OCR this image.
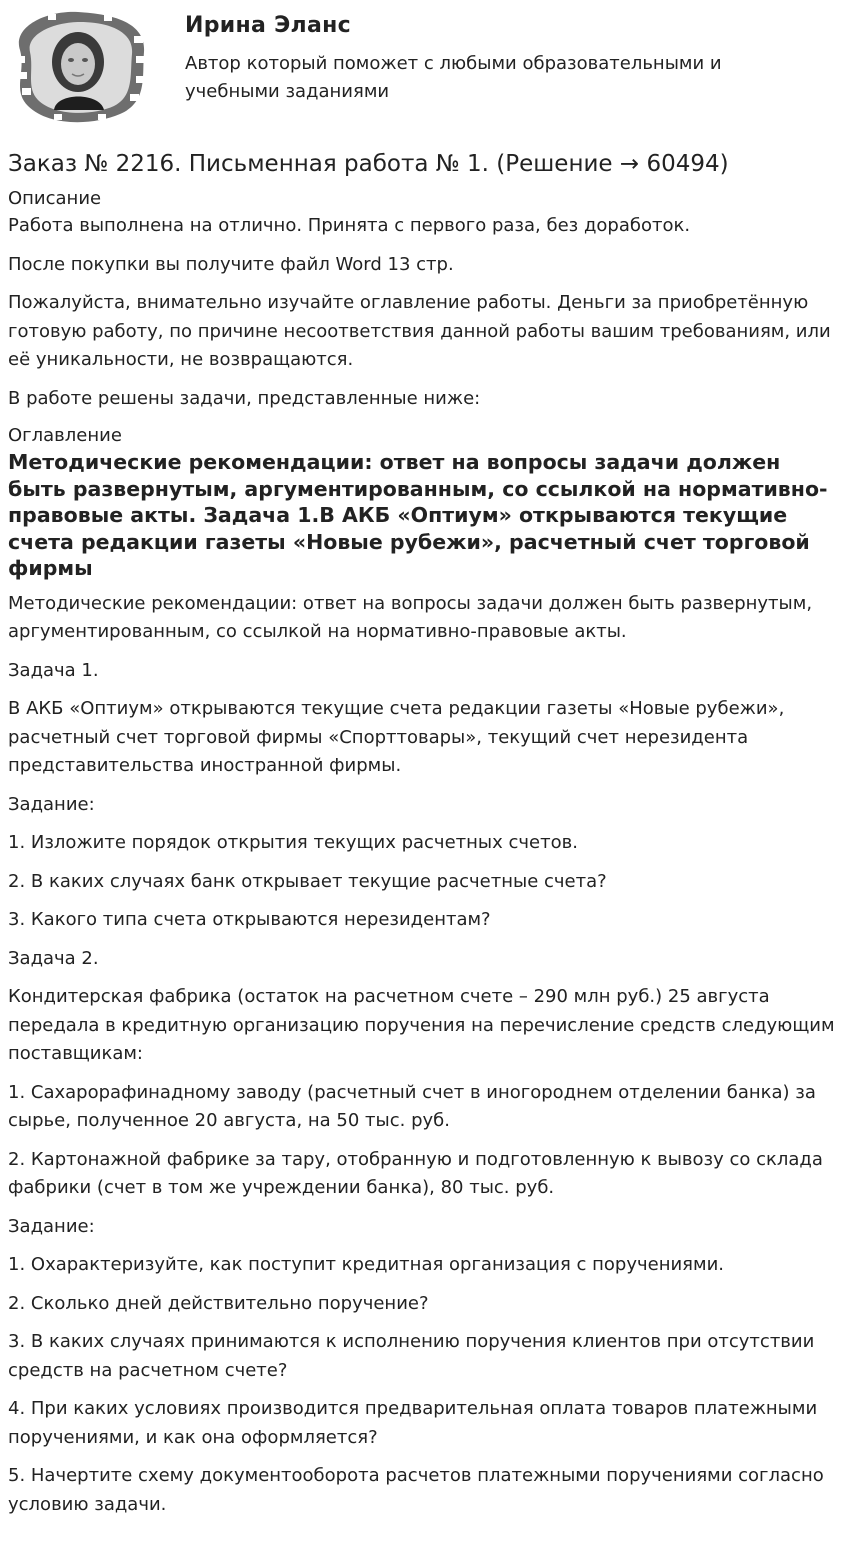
Ирина Эланс
Автор который поможет с любыми образовательными и учебными заданиями
Заказ № 2216. Письменная работа № 1. (Решение → 60494)
Описание

Работа выполнена на отлично. Принята с первого раза, без доработок.

После покупки вы получите файл Word 13 стр.

Пожалуйста, внимательно изучайте оглавление работы. Деньги за приобретённую готовую работу, по причине несоответствия данной работы вашим требованиям, или её уникальности, не возвращаются.

В работе решены задачи, представленные ниже:

Оглавление
Методические рекомендации: ответ на вопросы задачи должен быть развернутым, аргументированным, со ссылкой на нормативно-правовые акты. Задача 1.В АКБ «Оптиум» открываются текущие счета редакции газеты «Новые рубежи», расчетный счет торговой фирмы

Методические рекомендации: ответ на вопросы задачи должен быть развернутым, аргументированным, со ссылкой на нормативно-правовые акты.

Задача 1.

В АКБ «Оптиум» открываются текущие счета редакции газеты «Новые рубежи», расчетный счет торговой фирмы «Спорттовары», текущий счет нерезидента представительства иностранной фирмы.

Задание:

1. Изложите порядок открытия текущих расчетных счетов.

2. В каких случаях банк открывает текущие расчетные счета?

3. Какого типа счета открываются нерезидентам?

Задача 2.

Кондитерская фабрика (остаток на расчетном счете – 290 млн руб.) 25 августа передала в кредитную организацию поручения на перечисление средств следующим поставщикам:

1. Сахарорафинадному заводу (расчетный счет в иногороднем отделении банка) за сырье, полученное 20 августа, на 50 тыс. руб.

2. Картонажной фабрике за тару, отобранную и подготовленную к вывозу со склада фабрики (счет в том же учреждении банка), 80 тыс. руб.

Задание:

1. Охарактеризуйте, как поступит кредитная организация с поручениями.

2. Сколько дней действительно поручение?

3. В каких случаях принимаются к исполнению поручения клиентов при отсутствии средств на расчетном счете?

4. При каких условиях производится предварительная оплата товаров платежными поручениями, и как она оформляется?

5. Начертите схему документооборота расчетов платежными поручениями согласно условию задачи.
